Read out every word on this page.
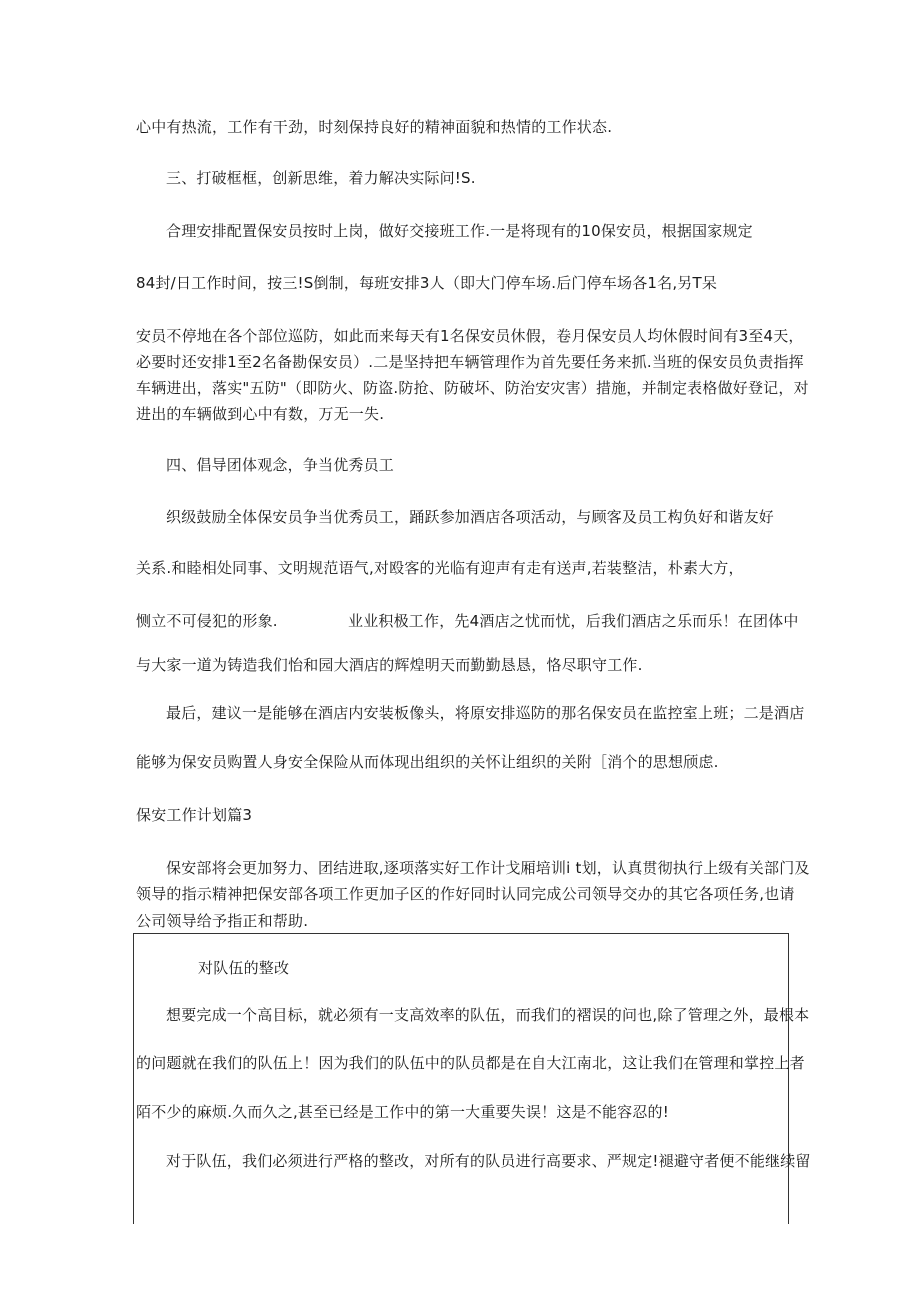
心中有热流，工作有干劲，时刻保持良好的精神面貌和热情的工作状态.
三、打破框框，创新思维，着力解决实际问!S.
合理安排配置保安员按时上岗，做好交接班工作.一是将现有的10保安员，根据国家规定
84封/日工作时间，按三!S倒制，每班安排3人（即大门停车场.后门停车场各1名,另T呆
安员不停地在各个部位巡防，如此而来每天有1名保安员休假，卷月保安员人均休假时间有3至4天，
必要时还安排1至2名备勘保安员）.二是坚持把车辆管理作为首先要任务来抓.当班的保安员负责指挥
车辆进出，落实"五防"（即防火、防盗.防抢、防破坏、防治安灾害）措施，并制定表格做好登记，对
进出的车辆做到心中有数，万无一失.
四、倡导团体观念，争当优秀员工
织级鼓励全体保安员争当优秀员工，踊跃参加酒店各项活动，与顾客及员工构负好和谐友好
关系.和睦相处同事、文明规范语气,对殴客的光临有迎声有走有送声,若装整洁，朴素大方，
恻立不可侵犯的形象.	业业积极工作，先4酒店之忧而忧，后我们酒店之乐而乐！在团体中
与大家一道为铸造我们怡和园大酒店的辉煌明天而勤勤恳恳，恪尽职守工作.
最后，建议一是能够在酒店内安装板像头，将原安排巡防的那名保安员在监控室上班；二是酒店
能够为保安员购置人身安全保险从而体现出组织的关怀让组织的关附［消个的思想颀虑.
保安工作计划篇3
保安部将会更加努力、团结进取,逐项落实好工作计戈厢培训i t划，认真贯彻执行上级有关部门及
领导的指示精神把保安部各项工作更加子区的作好同时认同完成公司领导交办的其它各项任务,也请
公司领导给予指正和帮助.
对队伍的整改
想要完成一个高目标，就必须有一支高效率的队伍，而我们的褶误的问也,除了管理之外，最根本
的问题就在我们的队伍上！因为我们的队伍中的队员都是在自大江南北，这让我们在管理和掌控上者
陌不少的麻烦.久而久之,甚至已经是工作中的第一大重要失误！这是不能容忍的!
对于队伍，我们必须进行严格的整改，对所有的队员进行高要求、严规定!褪避守者便不能继续留
